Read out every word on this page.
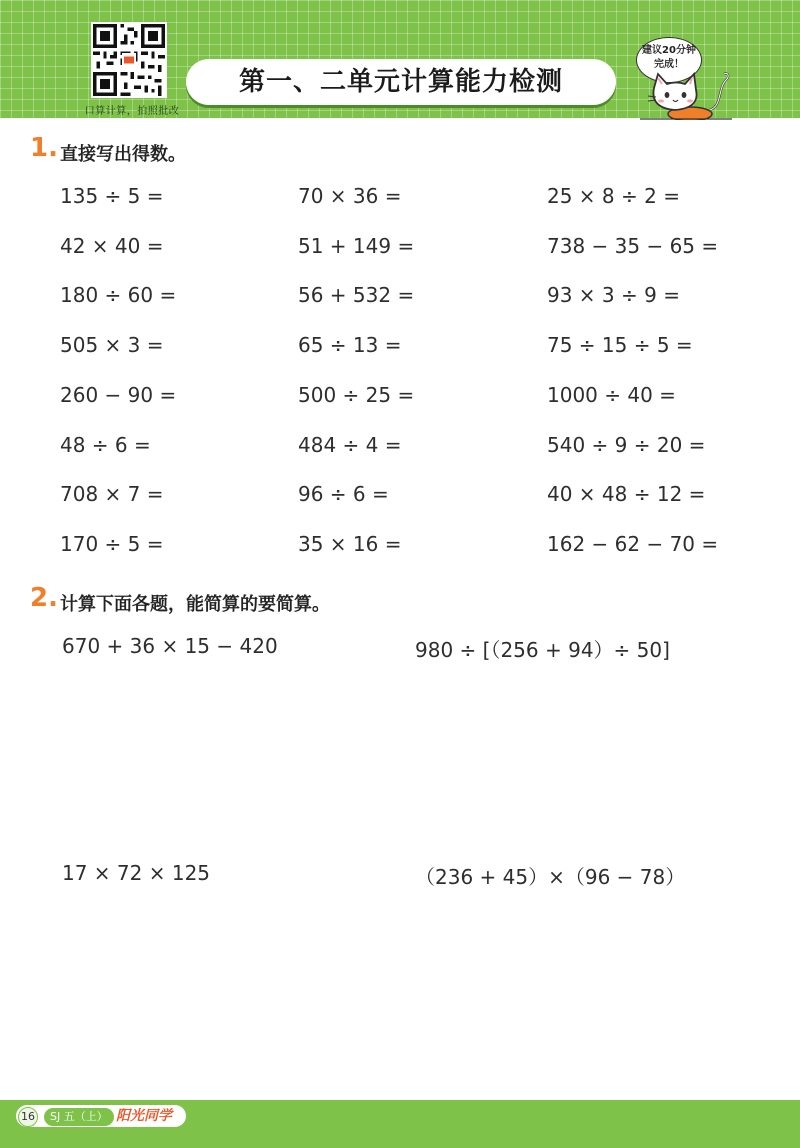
口算计算，拍照批改
第一、二单元计算能力检测
建议20分钟
完成！
1. 直接写出得数。
135 ÷ 5 =	70 × 36 =	25 × 8 ÷ 2 =
42 × 40 =	51 + 149 =	738 − 35 − 65 =
180 ÷ 60 =	56 + 532 =	93 × 3 ÷ 9 =
505 × 3 =	65 ÷ 13 =	75 ÷ 15 ÷ 5 =
260 − 90 =	500 ÷ 25 =	1000 ÷ 40 =
48 ÷ 6 =	484 ÷ 4 =	540 ÷ 9 ÷ 20 =
708 × 7 =	96 ÷ 6 =	40 × 48 ÷ 12 =
170 ÷ 5 =	35 × 16 =	162 − 62 − 70 =
2. 计算下面各题，能简算的要简算。
670 + 36 × 15 − 420	980 ÷ [（256 + 94）÷ 50]
17 × 72 × 125	（236 + 45）×（96 − 78）
16	SJ 五（上） 阳光同学
